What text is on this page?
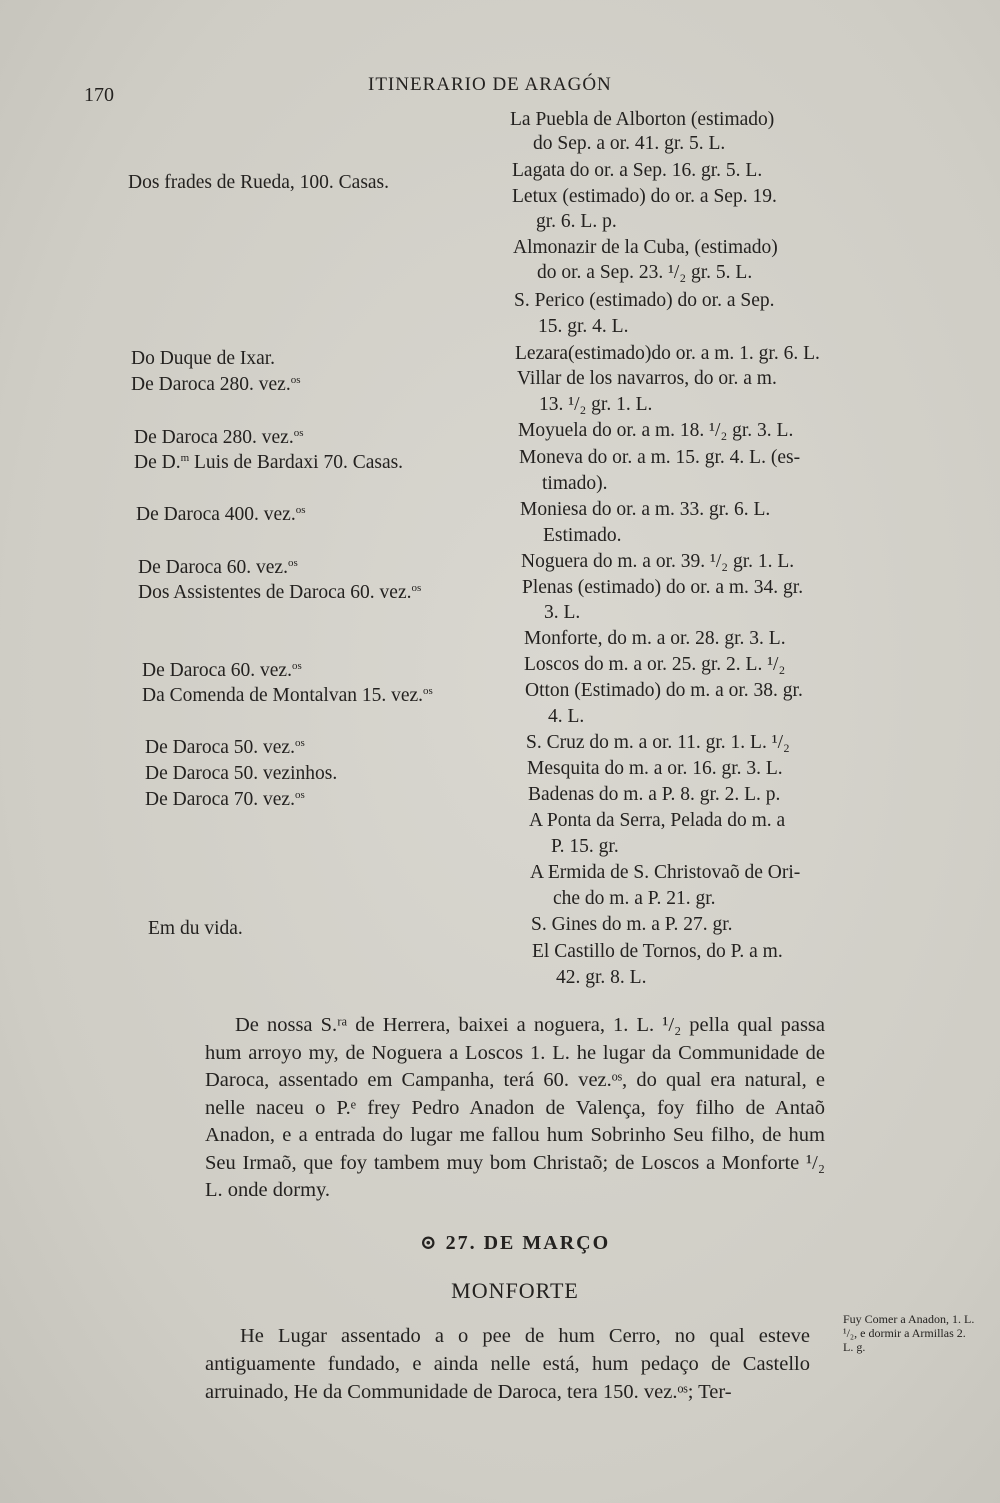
170	ITINERARIO DE ARAGÓN
Dos frades de Rueda, 100. Casas.
Do Duque de Ixar.
De Daroca 280. vez.$^{os}$
De Daroca 280. vez.$^{os}$
De D.$^m$ Luis de Bardaxi 70. Casas.
De Daroca 400. vez.$^{os}$
De Daroca 60. vez.$^{os}$
Dos Assistentes de Daroca 60. vez.$^{os}$
De Daroca 60. vez.$^{os}$
Da Comenda de Montalvan 15. vez.$^{os}$
De Daroca 50. vez.$^{os}$
De Daroca 50. vezinhos.
De Daroca 70. vez.$^{os}$
Em du vida.
La Puebla de Alborton (estimado)
do Sep. a or. 41. gr. 5. L.
Lagata do or. a Sep. 16. gr. 5. L.
Letux (estimado) do or. a Sep. 19.
gr. 6. L. p.
Almonazir de la Cuba, (estimado)
do or. a Sep. 23. ¹/₂ gr. 5. L.
S. Perico (estimado) do or. a Sep.
15. gr. 4. L.
Lezara(estimado)do or. a m. 1. gr. 6. L.
Villar de los navarros, do or. a m.
13. ¹/₂ gr. 1. L.
Moyuela do or. a m. 18. ¹/₂ gr. 3. L.
Moneva do or. a m. 15. gr. 4. L. (es-
timado).
Moniesa do or. a m. 33. gr. 6. L.
Estimado.
Noguera do m. a or. 39. ¹/₂ gr. 1. L.
Plenas (estimado) do or. a m. 34. gr.
3. L.
Monforte, do m. a or. 28. gr. 3. L.
Loscos do m. a or. 25. gr. 2. L. ¹/₂
Otton (Estimado) do m. a or. 38. gr.
4. L.
S. Cruz do m. a or. 11. gr. 1. L. ¹/₂
Mesquita do m. a or. 16. gr. 3. L.
Badenas do m. a P. 8. gr. 2. L. p.
A Ponta da Serra, Pelada do m. a
P. 15. gr.
A Ermida de S. Christovaõ de Ori-
che do m. a P. 21. gr.
S. Gines do m. a P. 27. gr.
El Castillo de Tornos, do P. a m.
42. gr. 8. L.
De nossa S.ʳᵃ de Herrera, baixei a noguera, 1. L. ¹/₂ pella qual passa hum arroyo my, de Noguera a Loscos 1. L. he lugar da Communidade de Daroca, assentado em Campanha, terá 60. vez.ᵒˢ, do qual era natural, e nelle naceu o P.ᵉ frey Pedro Anadon de Valença, foy filho de Antaõ Anadon, e a entrada do lugar me fallou hum Sobrinho Seu filho, de hum Seu Irmaõ, que foy tambem muy bom Christaõ; de Loscos a Monforte ¹/₂ L. onde dormy.
⊙ 27. DE MARÇO
MONFORTE
He Lugar assentado a o pee de hum Cerro, no qual esteve antiguamente fundado, e ainda nelle está, hum pedaço de Castello arruinado, He da Communidade de Daroca, tera 150. vez.ᵒˢ; Ter-
Fuy Comer a Anadon, 1. L. ¹/₂, e dormir a Armillas 2. L. g.
